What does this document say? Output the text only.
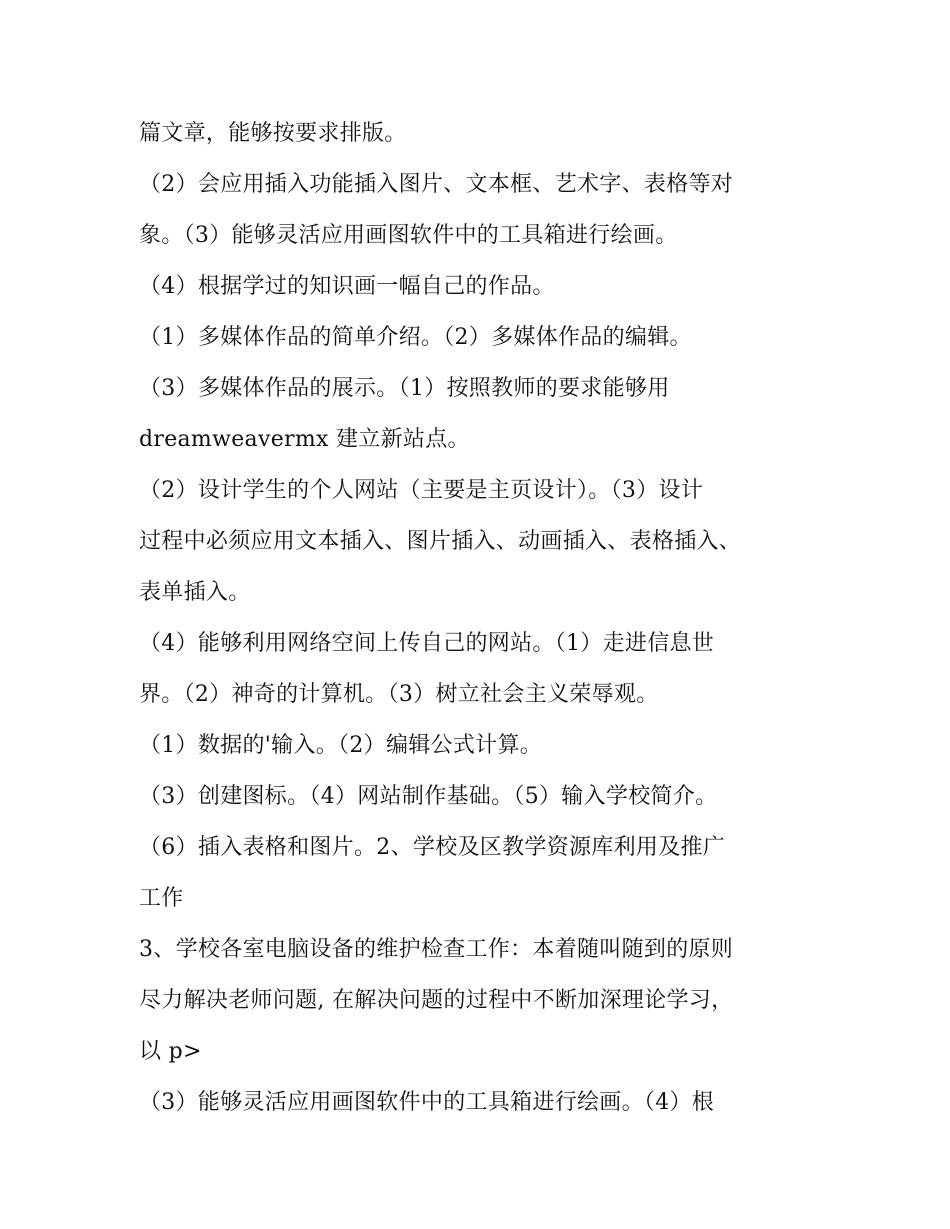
篇文章，能够按要求排版。
（2）会应用插入功能插入图片、文本框、艺术字、表格等对
象。（3）能够灵活应用画图软件中的工具箱进行绘画。
（4）根据学过的知识画一幅自己的作品。
（1）多媒体作品的简单介绍。（2）多媒体作品的编辑。
（3）多媒体作品的展示。（1）按照教师的要求能够用
dreamweavermx 建立新站点。
（2）设计学生的个人网站（主要是主页设计）。（3）设计
过程中必须应用文本插入、图片插入、动画插入、表格插入、
表单插入。
（4）能够利用网络空间上传自己的网站。（1）走进信息世
界。（2）神奇的计算机。（3）树立社会主义荣辱观。
（1）数据的'输入。（2）编辑公式计算。
（3）创建图标。（4）网站制作基础。（5）输入学校简介。
（6）插入表格和图片。2、学校及区教学资源库利用及推广
工作
3、学校各室电脑设备的维护检查工作：本着随叫随到的原则
尽力解决老师问题, 在解决问题的过程中不断加深理论学习，
以 p>
（3）能够灵活应用画图软件中的工具箱进行绘画。（4）根
